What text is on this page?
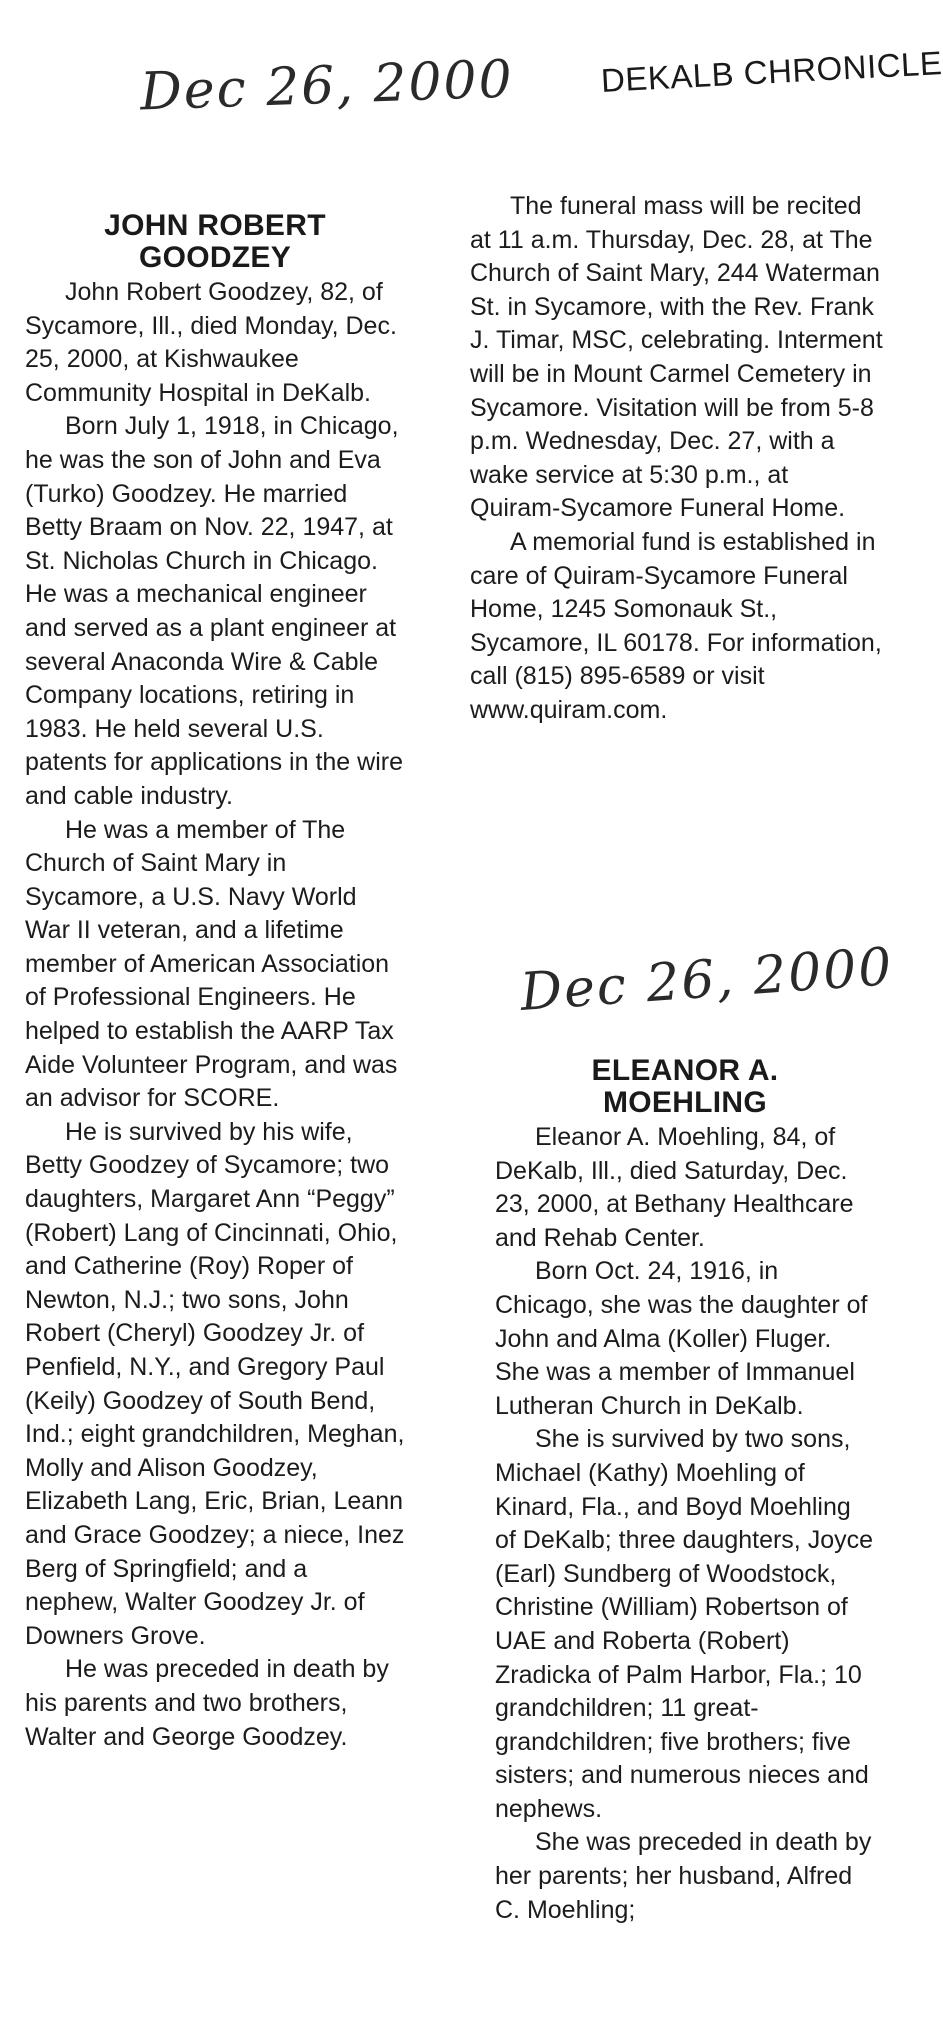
Dec 26, 2000	DEKALB CHRONICLE
JOHN ROBERT
GOODZEY

John Robert Goodzey, 82, of Sycamore, Ill., died Monday, Dec. 25, 2000, at Kishwaukee Community Hospital in DeKalb.

Born July 1, 1918, in Chicago, he was the son of John and Eva (Turko) Goodzey. He married Betty Braam on Nov. 22, 1947, at St. Nicholas Church in Chicago. He was a mechanical engineer and served as a plant engineer at several Anaconda Wire & Cable Company locations, retiring in 1983. He held several U.S. patents for applications in the wire and cable industry.

He was a member of The Church of Saint Mary in Sycamore, a U.S. Navy World War II veteran, and a lifetime member of American Association of Professional Engineers. He helped to establish the AARP Tax Aide Volunteer Program, and was an advisor for SCORE.

He is survived by his wife, Betty Goodzey of Sycamore; two daughters, Margaret Ann “Peggy” (Robert) Lang of Cincinnati, Ohio, and Catherine (Roy) Roper of Newton, N.J.; two sons, John Robert (Cheryl) Goodzey Jr. of Penfield, N.Y., and Gregory Paul (Keily) Goodzey of South Bend, Ind.; eight grandchildren, Meghan, Molly and Alison Goodzey, Elizabeth Lang, Eric, Brian, Leann and Grace Goodzey; a niece, Inez Berg of Springfield; and a nephew, Walter Goodzey Jr. of Downers Grove.

He was preceded in death by his parents and two brothers, Walter and George Goodzey.

The funeral mass will be recited at 11 a.m. Thursday, Dec. 28, at The Church of Saint Mary, 244 Waterman St. in Sycamore, with the Rev. Frank J. Timar, MSC, celebrating. Interment will be in Mount Carmel Cemetery in Sycamore. Visitation will be from 5-8 p.m. Wednesday, Dec. 27, with a wake service at 5:30 p.m., at Quiram-Sycamore Funeral Home.

A memorial fund is established in care of Quiram-Sycamore Funeral Home, 1245 Somonauk St., Sycamore, IL 60178. For information, call (815) 895-6589 or visit www.quiram.com.

Dec 26, 2000
ELEANOR A.
MOEHLING

Eleanor A. Moehling, 84, of DeKalb, Ill., died Saturday, Dec. 23, 2000, at Bethany Healthcare and Rehab Center.

Born Oct. 24, 1916, in Chicago, she was the daughter of John and Alma (Koller) Fluger. She was a member of Immanuel Lutheran Church in DeKalb.

She is survived by two sons, Michael (Kathy) Moehling of Kinard, Fla., and Boyd Moehling of DeKalb; three daughters, Joyce (Earl) Sundberg of Woodstock, Christine (William) Robertson of UAE and Roberta (Robert) Zradicka of Palm Harbor, Fla.; 10 grandchildren; 11 great-grandchildren; five brothers; five sisters; and numerous nieces and nephews.

She was preceded in death by her parents; her husband, Alfred C. Moehling;
